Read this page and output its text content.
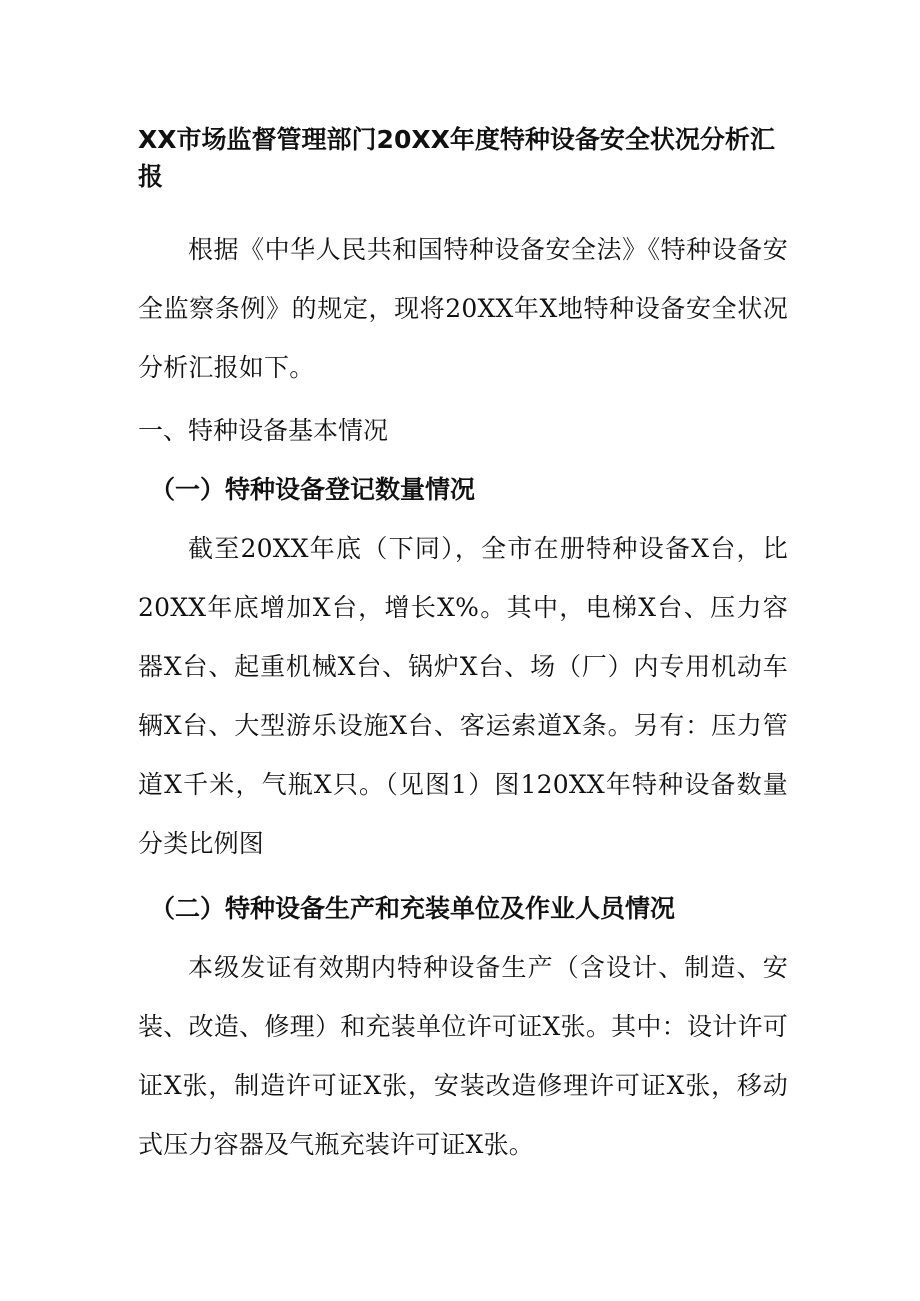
XX市场监督管理部门20XX年度特种设备安全状况分析汇报

根据《中华人民共和国特种设备安全法》《特种设备安全监察条例》的规定，现将20XX年X地特种设备安全状况分析汇报如下。

一、特种设备基本情况
（一）特种设备登记数量情况

截至20XX年底（下同），全市在册特种设备X台，比20XX年底增加X台，增长X%。其中，电梯X台、压力容器X台、起重机械X台、锅炉X台、场（厂）内专用机动车辆X台、大型游乐设施X台、客运索道X条。另有：压力管道X千米，气瓶X只。（见图1）图120XX年特种设备数量分类比例图

（二）特种设备生产和充装单位及作业人员情况

本级发证有效期内特种设备生产（含设计、制造、安装、改造、修理）和充装单位许可证X张。其中：设计许可证X张，制造许可证X张，安装改造修理许可证X张，移动式压力容器及气瓶充装许可证X张。
